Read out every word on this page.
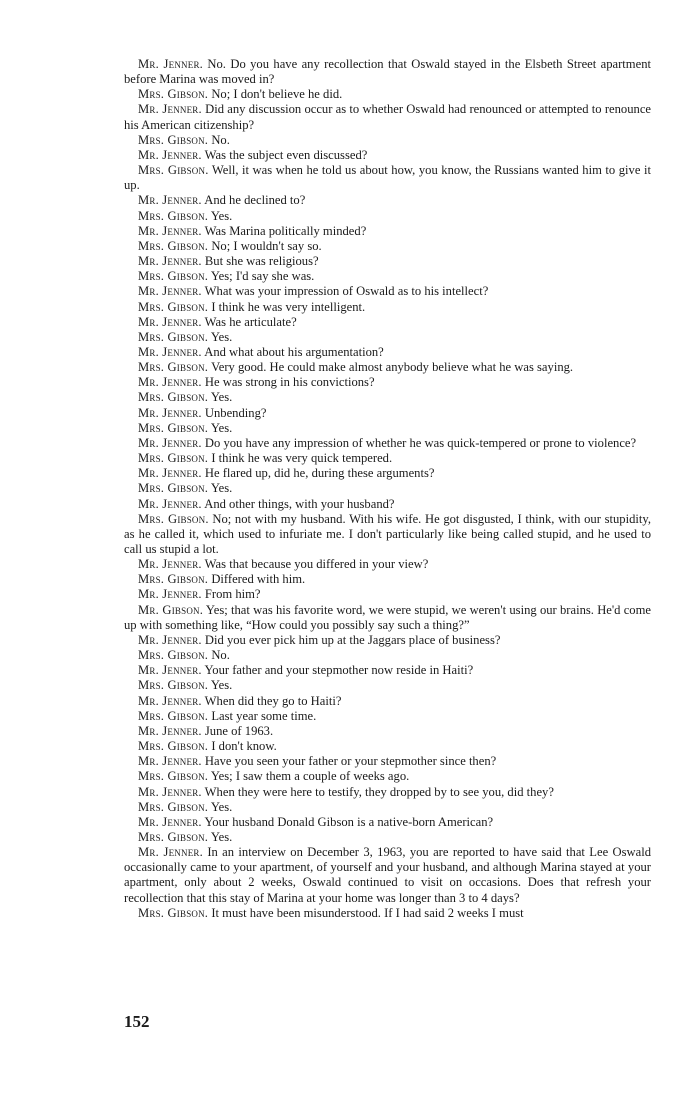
Mr. Jenner. No. Do you have any recollection that Oswald stayed in the Elsbeth Street apartment before Marina was moved in?

Mrs. Gibson. No; I don't believe he did.

Mr. Jenner. Did any discussion occur as to whether Oswald had renounced or attempted to renounce his American citizenship?

Mrs. Gibson. No.

Mr. Jenner. Was the subject even discussed?

Mrs. Gibson. Well, it was when he told us about how, you know, the Russians wanted him to give it up.

Mr. Jenner. And he declined to?

Mrs. Gibson. Yes.

Mr. Jenner. Was Marina politically minded?

Mrs. Gibson. No; I wouldn't say so.

Mr. Jenner. But she was religious?

Mrs. Gibson. Yes; I'd say she was.

Mr. Jenner. What was your impression of Oswald as to his intellect?

Mrs. Gibson. I think he was very intelligent.

Mr. Jenner. Was he articulate?

Mrs. Gibson. Yes.

Mr. Jenner. And what about his argumentation?

Mrs. Gibson. Very good. He could make almost anybody believe what he was saying.

Mr. Jenner. He was strong in his convictions?

Mrs. Gibson. Yes.

Mr. Jenner. Unbending?

Mrs. Gibson. Yes.

Mr. Jenner. Do you have any impression of whether he was quick-tempered or prone to violence?

Mrs. Gibson. I think he was very quick tempered.

Mr. Jenner. He flared up, did he, during these arguments?

Mrs. Gibson. Yes.

Mr. Jenner. And other things, with your husband?

Mrs. Gibson. No; not with my husband. With his wife. He got disgusted, I think, with our stupidity, as he called it, which used to infuriate me. I don't particularly like being called stupid, and he used to call us stupid a lot.

Mr. Jenner. Was that because you differed in your view?

Mrs. Gibson. Differed with him.

Mr. Jenner. From him?

Mr. Gibson. Yes; that was his favorite word, we were stupid, we weren't using our brains. He'd come up with something like, “How could you possibly say such a thing?”

Mr. Jenner. Did you ever pick him up at the Jaggars place of business?

Mrs. Gibson. No.

Mr. Jenner. Your father and your stepmother now reside in Haiti?

Mrs. Gibson. Yes.

Mr. Jenner. When did they go to Haiti?

Mrs. Gibson. Last year some time.

Mr. Jenner. June of 1963.

Mrs. Gibson. I don't know.

Mr. Jenner. Have you seen your father or your stepmother since then?

Mrs. Gibson. Yes; I saw them a couple of weeks ago.

Mr. Jenner. When they were here to testify, they dropped by to see you, did they?

Mrs. Gibson. Yes.

Mr. Jenner. Your husband Donald Gibson is a native-born American?

Mrs. Gibson. Yes.

Mr. Jenner. In an interview on December 3, 1963, you are reported to have said that Lee Oswald occasionally came to your apartment, of yourself and your husband, and although Marina stayed at your apartment, only about 2 weeks, Oswald continued to visit on occasions. Does that refresh your recollection that this stay of Marina at your home was longer than 3 to 4 days?

Mrs. Gibson. It must have been misunderstood. If I had said 2 weeks I must

152
